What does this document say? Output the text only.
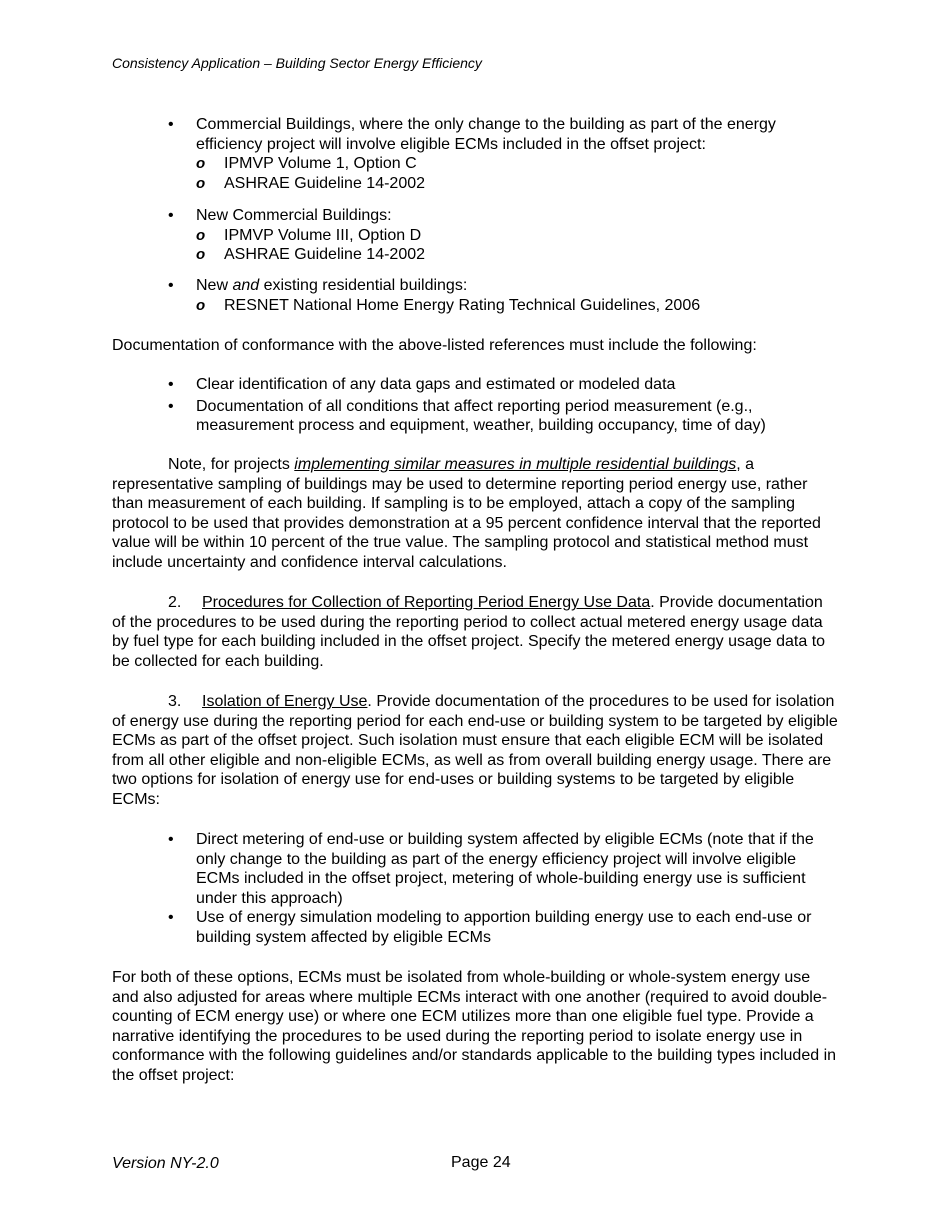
Consistency Application – Building Sector Energy Efficiency
• Commercial Buildings, where the only change to the building as part of the energy efficiency project will involve eligible ECMs included in the offset project:
o IPMVP Volume 1, Option C
o ASHRAE Guideline 14-2002
• New Commercial Buildings:
o IPMVP Volume III, Option D
o ASHRAE Guideline 14-2002
• New and existing residential buildings:
o RESNET National Home Energy Rating Technical Guidelines, 2006

Documentation of conformance with the above-listed references must include the following:

• Clear identification of any data gaps and estimated or modeled data
• Documentation of all conditions that affect reporting period measurement (e.g., measurement process and equipment, weather, building occupancy, time of day)

Note, for projects implementing similar measures in multiple residential buildings, a representative sampling of buildings may be used to determine reporting period energy use, rather than measurement of each building. If sampling is to be employed, attach a copy of the sampling protocol to be used that provides demonstration at a 95 percent confidence interval that the reported value will be within 10 percent of the true value. The sampling protocol and statistical method must include uncertainty and confidence interval calculations.

2. Procedures for Collection of Reporting Period Energy Use Data. Provide documentation of the procedures to be used during the reporting period to collect actual metered energy usage data by fuel type for each building included in the offset project. Specify the metered energy usage data to be collected for each building.

3. Isolation of Energy Use. Provide documentation of the procedures to be used for isolation of energy use during the reporting period for each end-use or building system to be targeted by eligible ECMs as part of the offset project. Such isolation must ensure that each eligible ECM will be isolated from all other eligible and non-eligible ECMs, as well as from overall building energy usage. There are two options for isolation of energy use for end-uses or building systems to be targeted by eligible ECMs:

• Direct metering of end-use or building system affected by eligible ECMs (note that if the only change to the building as part of the energy efficiency project will involve eligible ECMs included in the offset project, metering of whole-building energy use is sufficient under this approach)
• Use of energy simulation modeling to apportion building energy use to each end-use or building system affected by eligible ECMs

For both of these options, ECMs must be isolated from whole-building or whole-system energy use and also adjusted for areas where multiple ECMs interact with one another (required to avoid double-counting of ECM energy use) or where one ECM utilizes more than one eligible fuel type. Provide a narrative identifying the procedures to be used during the reporting period to isolate energy use in conformance with the following guidelines and/or standards applicable to the building types included in the offset project:

Version NY-2.0	Page 24
